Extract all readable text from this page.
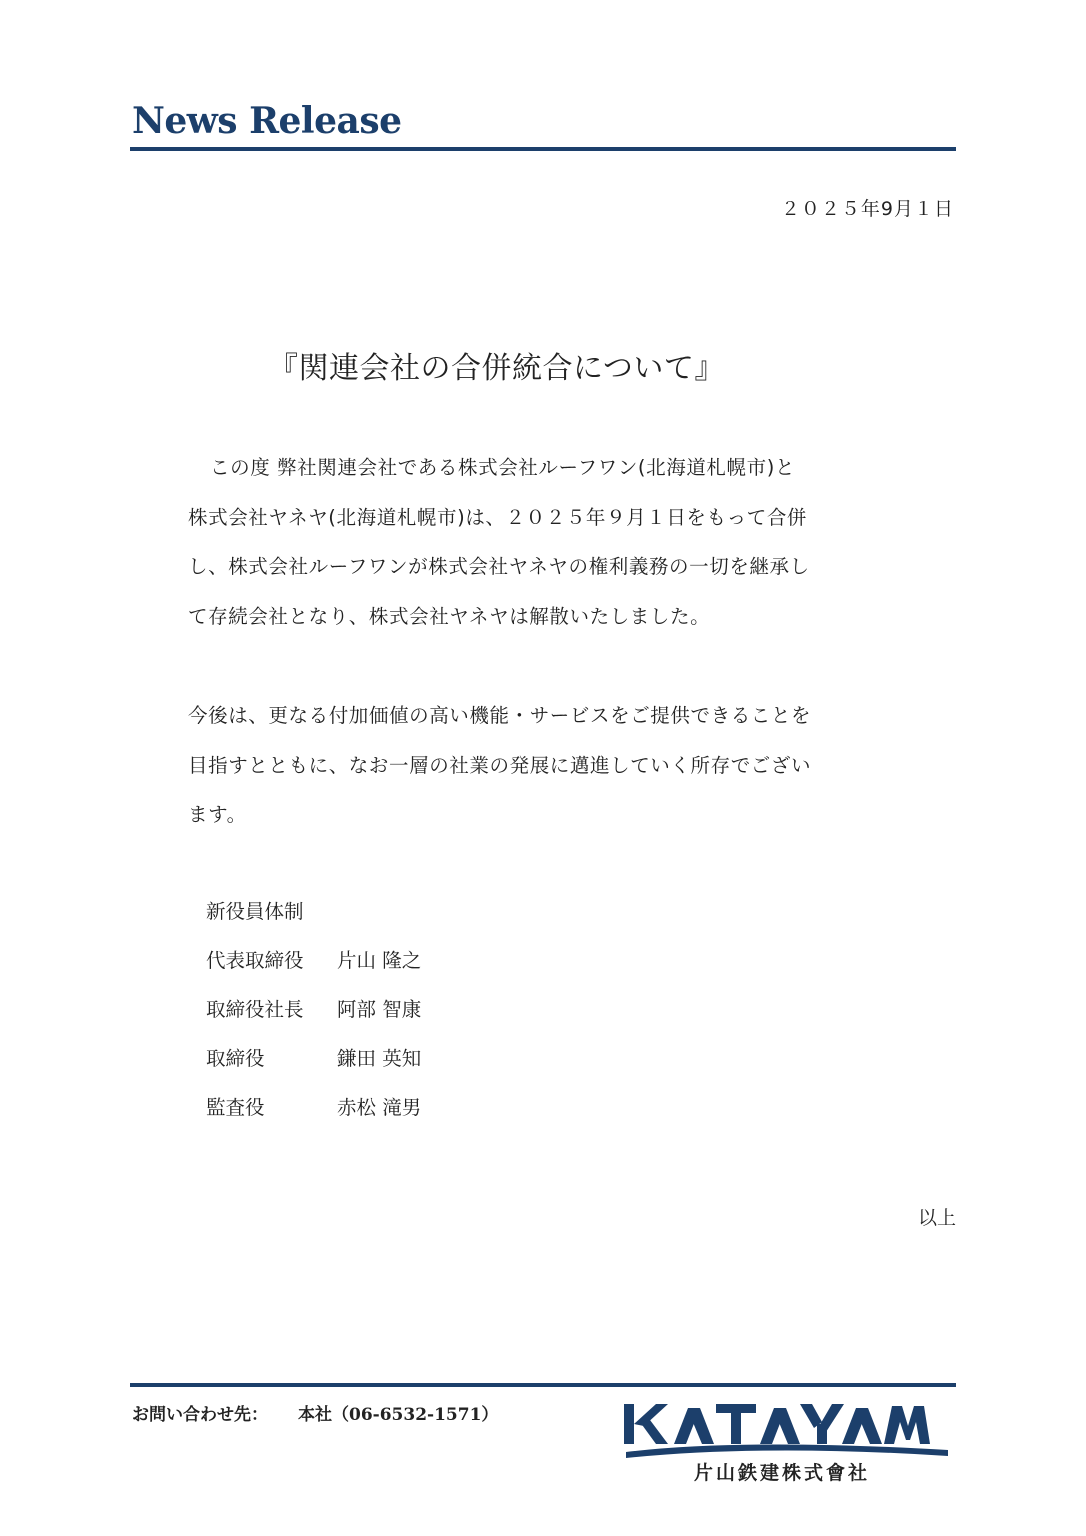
News Release
２０２５年9月１日
『関連会社の合併統合について』

この度 弊社関連会社である株式会社ルーフワン(北海道札幌市)と
株式会社ヤネヤ(北海道札幌市)は、２０２５年９月１日をもって合併
し、株式会社ルーフワンが株式会社ヤネヤの権利義務の一切を継承し
て存続会社となり、株式会社ヤネヤは解散いたしました。

今後は、更なる付加価値の高い機能・サービスをご提供できることを
目指すとともに、なお一層の社業の発展に邁進していく所存でござい
ます。

新役員体制
代表取締役	片山 隆之
取締役社長	阿部 智康
取締役	鎌田 英知
監査役	赤松 滝男
以上
お問い合わせ先： 本社（06-6532-1571）
片山鉄建株式會社
